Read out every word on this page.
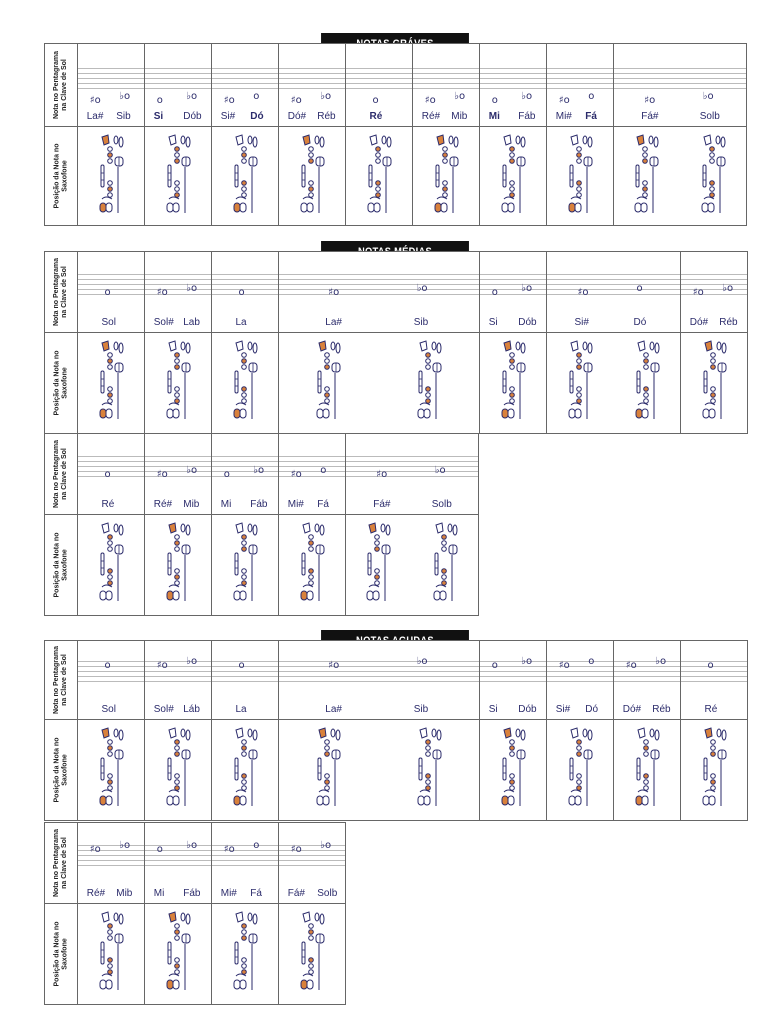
Nota no Pentagrama
na Clave de Sol
Posição da Nota no
Saxofone
♯o
La#
♭o
Sib
o
Si
♭o
Dób
♯o
Si#
o
Dó
♯o
Dó#
♭o
Réb
o
Ré
♯o
Ré#
♭o
Mib
o
Mi
♭o
Fáb
♯o
Mi#
o
Fá
♯o
Fá#
♭o
Solb
Nota no Pentagrama
na Clave de Sol
Posição da Nota no
Saxofone
o
Sol
♯o
Sol#
♭o
Lab
o
La
♯o
La#
♭o
Sib
o
Si
♭o
Dób
♯o
Si#
o
Dó
♯o
Dó#
♭o
Réb
Nota no Pentagrama
na Clave de Sol
Posição da Nota no
Saxofone
o
Ré
♯o
Ré#
♭o
Mib
o
Mi
♭o
Fáb
♯o
Mi#
o
Fá
♯o
Fá#
♭o
Solb
Nota no Pentagrama
na Clave de Sol
Posição da Nota no
Saxofone
o
Sol
♯o
Sol#
♭o
Láb
o
La
♯o
La#
♭o
Sib
o
Si
♭o
Dób
♯o
Si#
o
Dó
♯o
Dó#
♭o
Réb
o
Ré
Nota no Pentagrama
na Clave de Sol
Posição da Nota no
Saxofone
♯o
Ré#
♭o
Mib
o
Mi
♭o
Fáb
♯o
Mi#
o
Fá
♯o
Fá#
♭o
Solb
